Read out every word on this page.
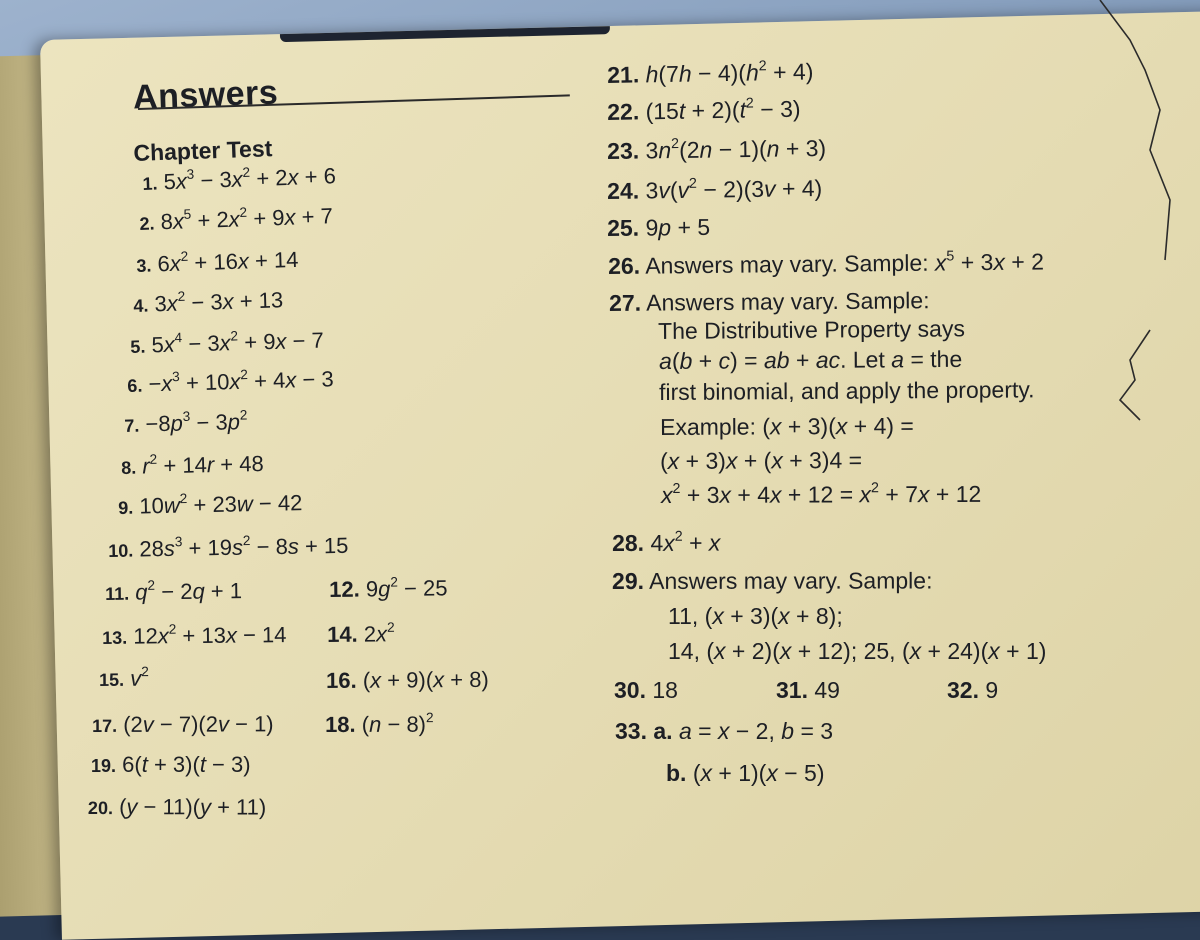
Answers
Chapter Test
1. $5x^3 - 3x^2 + 2x + 6$
2. $8x^5 + 2x^2 + 9x + 7$
3. $6x^2 + 16x + 14$
4. $3x^2 - 3x + 13$
5. $5x^4 - 3x^2 + 9x - 7$
6. $-x^3 + 10x^2 + 4x - 3$
7. $-8p^3 - 3p^2$
8. $r^2 + 14r + 48$
9. $10w^2 + 23w - 42$
10. $28s^3 + 19s^2 - 8s + 15$
11. $q^2 - 2q + 1$	12. $9g^2 - 25$
13. $12x^2 + 13x - 14$ 14. $2x^2$
15. $v^2$	16. (x + 9)(x + 8)
17. (2v − 7)(2v − 1) 18. $(n - 8)^2$
19. 6(t + 3)(t − 3)
20. (y − 11)(y + 11)
21. $h(7h - 4)(h^2 + 4)$
22. $(15t + 2)(t^2 - 3)$
23. $3n^2(2n - 1)(n + 3)$
24. $3v(v^2 - 2)(3v + 4)$
25. 9p + 5
26. Answers may vary. Sample: $x^5 + 3x + 2$
27. Answers may vary. Sample:
The Distributive Property says
a(b + c) = ab + ac. Let a = the
first binomial, and apply the property.
Example: (x + 3)(x + 4) =
(x + 3)x + (x + 3)4 =
$x^2 + 3x + 4x + 12 = x^2 + 7x + 12$
28. $4x^2 + x$
29. Answers may vary. Sample:
11, (x + 3)(x + 8);
14, (x + 2)(x + 12); 25, (x + 24)(x + 1)
30. 18	31. 49	32. 9
33. a. a = x − 2, b = 3
b. (x + 1)(x − 5)
